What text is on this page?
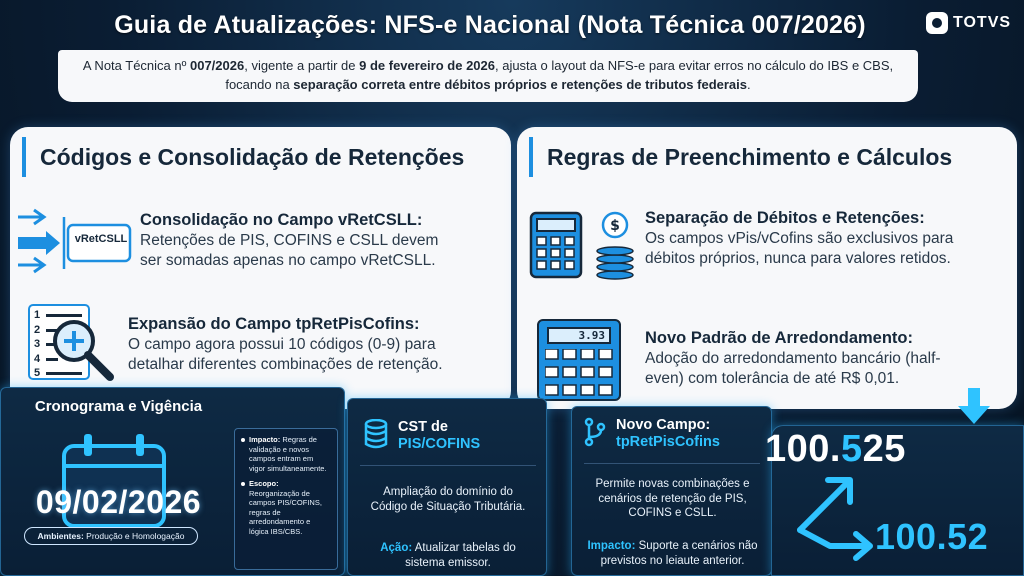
Guia de Atualizações: NFS-e Nacional (Nota Técnica 007/2026)	TOTVS
A Nota Técnica nº 007/2026, vigente a partir de 9 de fevereiro de 2026, ajusta o layout da NFS-e para evitar erros no cálculo do IBS e CBS, focando na separação correta entre débitos próprios e retenções de tributos federais.
Códigos e Consolidação de Retenções
vRetCSLL
Consolidação no Campo vRetCSLL:
Retenções de PIS, COFINS e CSLL devem
ser somadas apenas no campo vRetCSLL.
1
2
3
4
5
Expansão do Campo tpRetPisCofins:
O campo agora possui 10 códigos (0-9) para
detalhar diferentes combinações de retenção.
Regras de Preenchimento e Cálculos
$ Separação de Débitos e Retenções:
Os campos vPis/vCofins são exclusivos para
débitos próprios, nunca para valores retidos.
3.93	Novo Padrão de Arredondamento:
Adoção do arredondamento bancário (half-
even) com tolerância de até R$ 0,01.
Cronograma e Vigência
09/02/2026
Ambientes: Produção e Homologação

Impacto: Regras de validação e novos campos entram em vigor simultaneamente.

Escopo: Reorganização de campos PIS/COFINS, regras de arredondamento e lógica IBS/CBS.

CST de
PIS/COFINS
Ampliação do domínio do
Código de Situação Tributária.
Ação: Atualizar tabelas do
sistema emissor.
Novo Campo:
tpRetPisCofins
Permite novas combinações e
cenários de retenção de PIS,
COFINS e CSLL.
Impacto: Suporte a cenários não
previstos no leiaute anterior.
100.525
100.52
